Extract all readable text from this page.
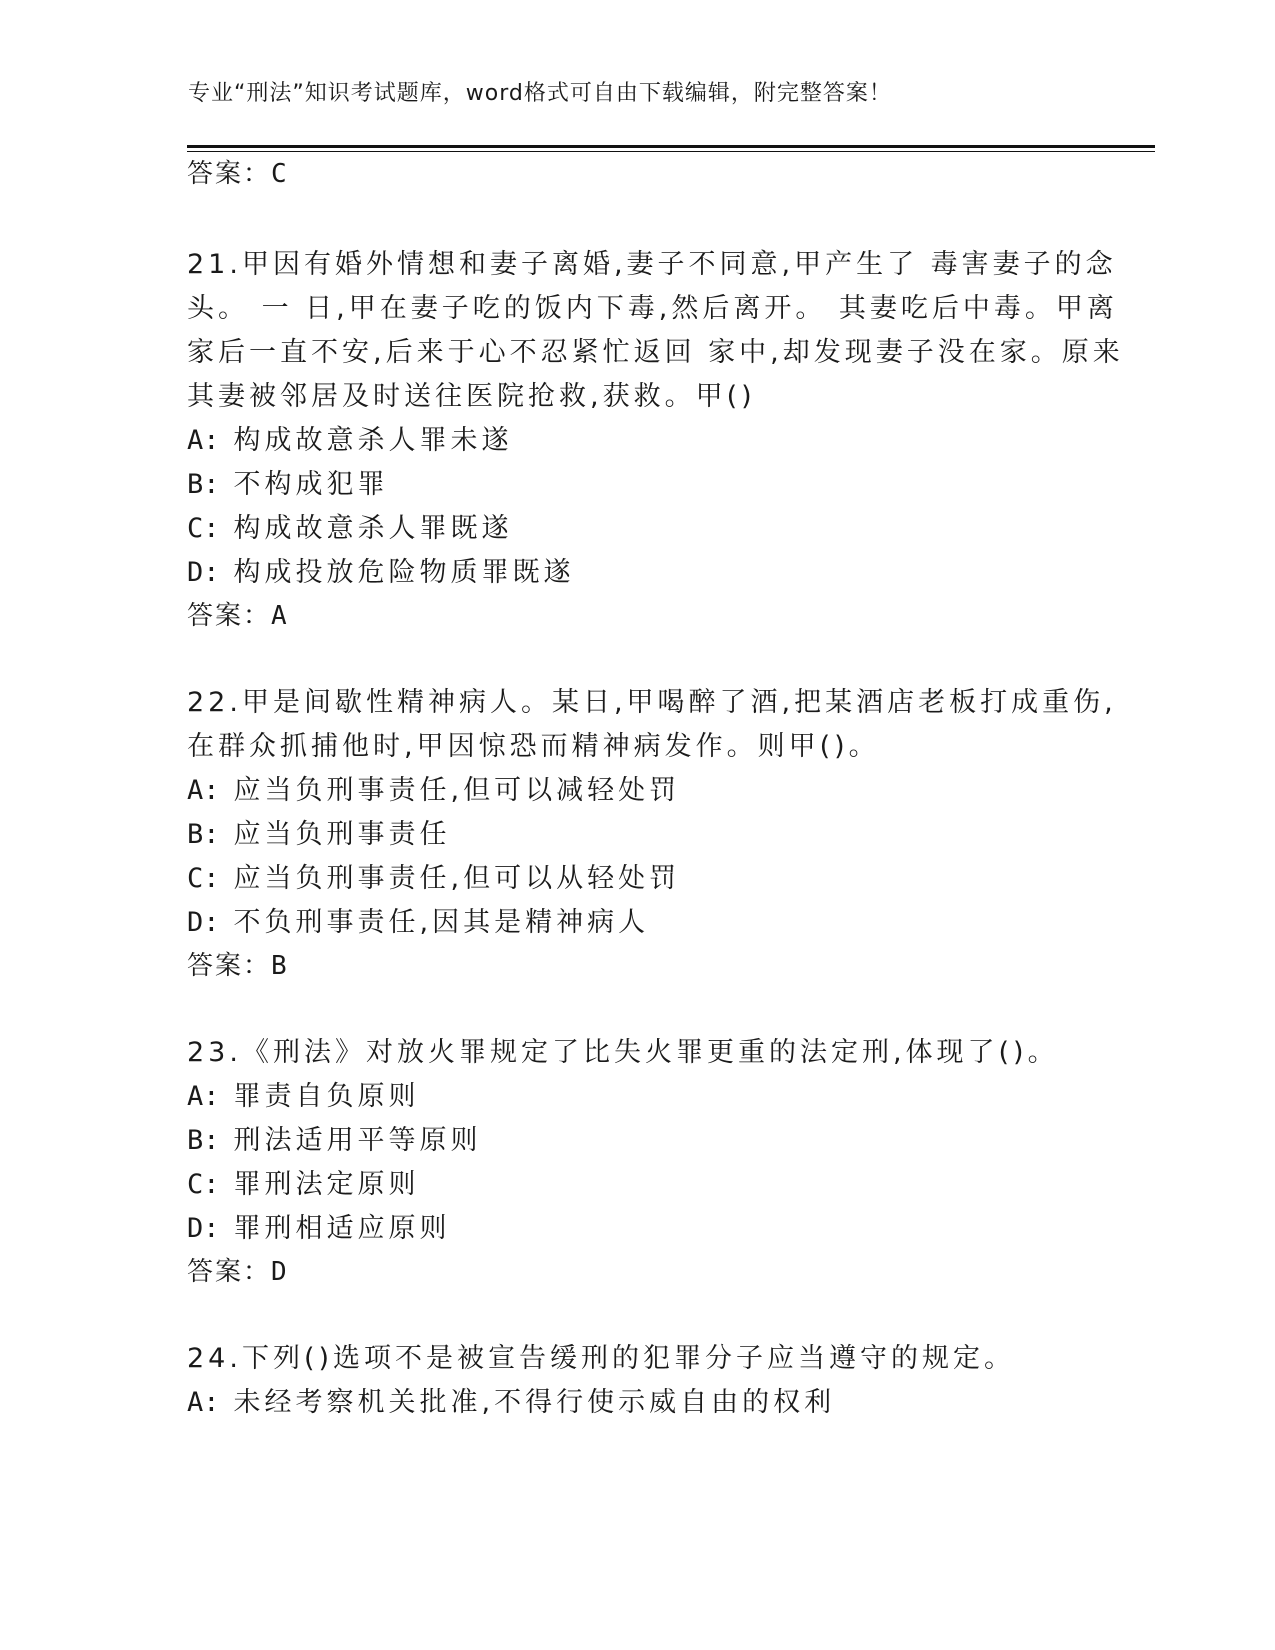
专业“刑法”知识考试题库，word格式可自由下载编辑，附完整答案！
答案：C
21.甲因有婚外情想和妻子离婚,妻子不同意,甲产生了 毒害妻子的念
头。 一 日,甲在妻子吃的饭内下毒,然后离开。 其妻吃后中毒。甲离
家后一直不安,后来于心不忍紧忙返回 家中,却发现妻子没在家。原来
其妻被邻居及时送往医院抢救,获救。甲()
A: 构成故意杀人罪未遂
B: 不构成犯罪
C: 构成故意杀人罪既遂
D: 构成投放危险物质罪既遂
答案：A
22.甲是间歇性精神病人。某日,甲喝醉了酒,把某酒店老板打成重伤,
在群众抓捕他时,甲因惊恐而精神病发作。则甲()。
A: 应当负刑事责任,但可以减轻处罚
B: 应当负刑事责任
C: 应当负刑事责任,但可以从轻处罚
D: 不负刑事责任,因其是精神病人
答案：B
23.《刑法》对放火罪规定了比失火罪更重的法定刑,体现了()。
A: 罪责自负原则
B: 刑法适用平等原则
C: 罪刑法定原则
D: 罪刑相适应原则
答案：D
24.下列()选项不是被宣告缓刑的犯罪分子应当遵守的规定。
A: 未经考察机关批准,不得行使示威自由的权利
